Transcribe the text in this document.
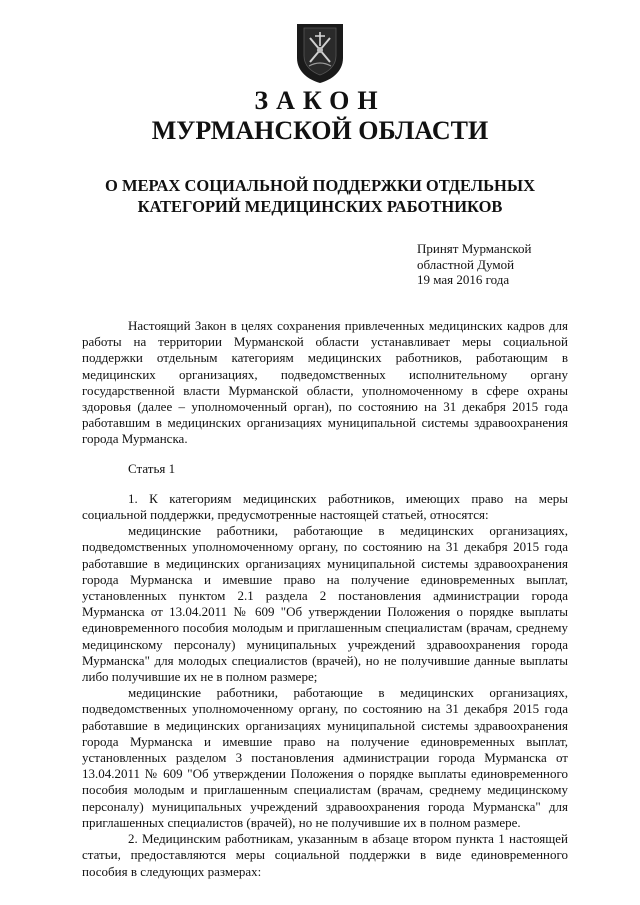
ЗАКОН
МУРМАНСКОЙ ОБЛАСТИ
О МЕРАХ СОЦИАЛЬНОЙ ПОДДЕРЖКИ ОТДЕЛЬНЫХ
КАТЕГОРИЙ МЕДИЦИНСКИХ РАБОТНИКОВ
Принят Мурманской
областной Думой
19 мая 2016 года

Настоящий Закон в целях сохранения привлеченных медицинских кадров для работы на территории Мурманской области устанавливает меры социальной поддержки отдельным категориям медицинских работников, работающим в медицинских организациях, подведомственных исполнительному органу государственной власти Мурманской области, уполномоченному в сфере охраны здоровья (далее – уполномоченный орган), по состоянию на 31 декабря 2015 года работавшим в медицинских организациях муниципальной системы здравоохранения города Мурманска.

Статья 1

1. К категориям медицинских работников, имеющих право на меры социальной поддержки, предусмотренные настоящей статьей, относятся:

медицинские работники, работающие в медицинских организациях, подведомственных уполномоченному органу, по состоянию на 31 декабря 2015 года работавшие в медицинских организациях муниципальной системы здравоохранения города Мурманска и имевшие право на получение единовременных выплат, установленных пунктом 2.1 раздела 2 постановления администрации города Мурманска от 13.04.2011 № 609 "Об утверждении Положения о порядке выплаты единовременного пособия молодым и приглашенным специалистам (врачам, среднему медицинскому персоналу) муниципальных учреждений здравоохранения города Мурманска" для молодых специалистов (врачей), но не получившие данные выплаты либо получившие их не в полном размере;

медицинские работники, работающие в медицинских организациях, подведомственных уполномоченному органу, по состоянию на 31 декабря 2015 года работавшие в медицинских организациях муниципальной системы здравоохранения города Мурманска и имевшие право на получение единовременных выплат, установленных разделом 3 постановления администрации города Мурманска от 13.04.2011 № 609 "Об утверждении Положения о порядке выплаты единовременного пособия молодым и приглашенным специалистам (врачам, среднему медицинскому персоналу) муниципальных учреждений здравоохранения города Мурманска" для приглашенных специалистов (врачей), но не получившие их в полном размере.

2. Медицинским работникам, указанным в абзаце втором пункта 1 настоящей статьи, предоставляются меры социальной поддержки в виде единовременного пособия в следующих размерах:
